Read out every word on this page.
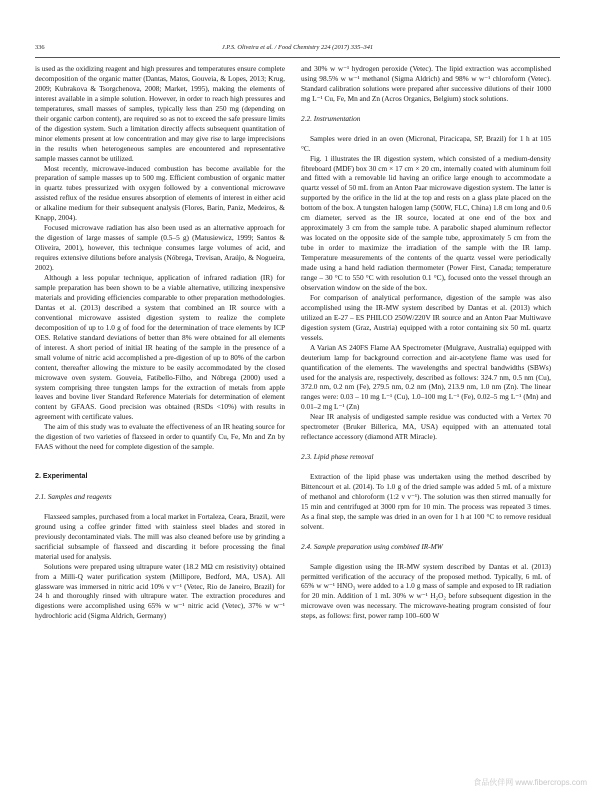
336	J.P.S. Oliveira et al. / Food Chemistry 224 (2017) 335–341

is used as the oxidizing reagent and high pressures and temperatures ensure complete decomposition of the organic matter (Dantas, Matos, Gouveia, & Lopes, 2013; Krug, 2009; Kubrakova & Tsorgchenova, 2008; Market, 1995), making the elements of interest available in a simple solution. However, in order to reach high pressures and temperatures, small masses of samples, typically less than 250 mg (depending on their organic carbon content), are required so as not to exceed the safe pressure limits of the digestion system. Such a limitation directly affects subsequent quantitation of minor elements present at low concentration and may give rise to large imprecisions in the results when heterogeneous samples are encountered and representative sample masses cannot be utilized.

Most recently, microwave-induced combustion has become available for the preparation of sample masses up to 500 mg. Efficient combustion of organic matter in quartz tubes pressurized with oxygen followed by a conventional microwave assisted reflux of the residue ensures absorption of elements of interest in either acid or alkaline medium for their subsequent analysis (Flores, Barin, Paniz, Medeiros, & Knapp, 2004).

Focused microwave radiation has also been used as an alternative approach for the digestion of large masses of sample (0.5–5 g) (Matusiewicz, 1999; Santos & Oliveira, 2001), however, this technique consumes large volumes of acid, and requires extensive dilutions before analysis (Nóbrega, Trevisan, Araújo, & Nogueira, 2002).

Although a less popular technique, application of infrared radiation (IR) for sample preparation has been shown to be a viable alternative, utilizing inexpensive materials and providing efficiencies comparable to other preparation methodologies. Dantas et al. (2013) described a system that combined an IR source with a conventional microwave assisted digestion system to realize the complete decomposition of up to 1.0 g of food for the determination of trace elements by ICP OES. Relative standard deviations of better than 8% were obtained for all elements of interest. A short period of initial IR heating of the sample in the presence of a small volume of nitric acid accomplished a pre-digestion of up to 80% of the carbon content, thereafter allowing the mixture to be easily accommodated by the closed microwave oven system. Gouveia, Fatibello-Filho, and Nóbrega (2000) used a system comprising three tungsten lamps for the extraction of metals from apple leaves and bovine liver Standard Reference Materials for determination of element content by GFAAS. Good precision was obtained (RSDs <10%) with results in agreement with certificate values.

The aim of this study was to evaluate the effectiveness of an IR heating source for the digestion of two varieties of flaxseed in order to quantify Cu, Fe, Mn and Zn by FAAS without the need for complete digestion of the sample.

2. Experimental

2.1. Samples and reagents

Flaxseed samples, purchased from a local market in Fortaleza, Ceara, Brazil, were ground using a coffee grinder fitted with stainless steel blades and stored in previously decontaminated vials. The mill was also cleaned before use by grinding a sacrificial subsample of flaxseed and discarding it before processing the final material used for analysis.

Solutions were prepared using ultrapure water (18.2 MΩ cm resistivity) obtained from a Milli-Q water purification system (Millipore, Bedford, MA, USA). All glassware was immersed in nitric acid 10% v v⁻¹ (Vetec, Rio de Janeiro, Brazil) for 24 h and thoroughly rinsed with ultrapure water. The extraction procedures and digestions were accomplished using 65% w w⁻¹ nitric acid (Vetec), 37% w w⁻¹ hydrochloric acid (Sigma Aldrich, Germany)

and 30% w w⁻¹ hydrogen peroxide (Vetec). The lipid extraction was accomplished using 98.5% w w⁻¹ methanol (Sigma Aldrich) and 98% w w⁻¹ chloroform (Vetec). Standard calibration solutions were prepared after successive dilutions of their 1000 mg L⁻¹ Cu, Fe, Mn and Zn (Acros Organics, Belgium) stock solutions.

2.2. Instrumentation

Samples were dried in an oven (Micronal, Piracicapa, SP, Brazil) for 1 h at 105 °C.

Fig. 1 illustrates the IR digestion system, which consisted of a medium-density fibreboard (MDF) box 30 cm × 17 cm × 20 cm, internally coated with aluminum foil and fitted with a removable lid having an orifice large enough to accommodate a quartz vessel of 50 mL from an Anton Paar microwave digestion system. The latter is supported by the orifice in the lid at the top and rests on a glass plate placed on the bottom of the box. A tungsten halogen lamp (500W, FLC, China) 1.8 cm long and 0.6 cm diameter, served as the IR source, located at one end of the box and approximately 3 cm from the sample tube. A parabolic shaped aluminum reflector was located on the opposite side of the sample tube, approximately 5 cm from the tube in order to maximize the irradiation of the sample with the IR lamp. Temperature measurements of the contents of the quartz vessel were periodically made using a hand held radiation thermometer (Power First, Canada; temperature range – 30 °C to 550 °C with resolution 0.1 °C), focused onto the vessel through an observation window on the side of the box.

For comparison of analytical performance, digestion of the sample was also accomplished using the IR-MW system described by Dantas et al. (2013) which utilized an E-27 – ES PHILCO 250W/220V IR source and an Anton Paar Multiwave digestion system (Graz, Austria) equipped with a rotor containing six 50 mL quartz vessels.

A Varian AS 240FS Flame AA Spectrometer (Mulgrave, Australia) equipped with deuterium lamp for background correction and air-acetylene flame was used for quantification of the elements. The wavelengths and spectral bandwidths (SBWs) used for the analysis are, respectively, described as follows: 324.7 nm, 0.5 nm (Cu), 372.0 nm, 0.2 nm (Fe), 279.5 nm, 0.2 nm (Mn), 213.9 nm, 1.0 nm (Zn). The linear ranges were: 0.03 – 10 mg L⁻¹ (Cu), 1.0–100 mg L⁻¹ (Fe), 0.02–5 mg L⁻¹ (Mn) and 0.01–2 mg L⁻¹ (Zn)

Near IR analysis of undigested sample residue was conducted with a Vertex 70 spectrometer (Bruker Billerica, MA, USA) equipped with an attenuated total reflectance accessory (diamond ATR Miracle).

2.3. Lipid phase removal

Extraction of the lipid phase was undertaken using the method described by Bittencourt et al. (2014). To 1.0 g of the dried sample was added 5 mL of a mixture of methanol and chloroform (1:2 v v⁻¹). The solution was then stirred manually for 15 min and centrifuged at 3000 rpm for 10 min. The process was repeated 3 times. As a final step, the sample was dried in an oven for 1 h at 100 °C to remove residual solvent.

2.4. Sample preparation using combined IR-MW

Sample digestion using the IR-MW system described by Dantas et al. (2013) permitted verification of the accuracy of the proposed method. Typically, 6 mL of 65% w w⁻¹ HNO₃ were added to a 1.0 g mass of sample and exposed to IR radiation for 20 min. Addition of 1 mL 30% w w⁻¹ H₂O₂ before subsequent digestion in the microwave oven was necessary. The microwave-heating program consisted of four steps, as follows: first, power ramp 100–600 W

食品伙伴网 www.fibercrops.com
